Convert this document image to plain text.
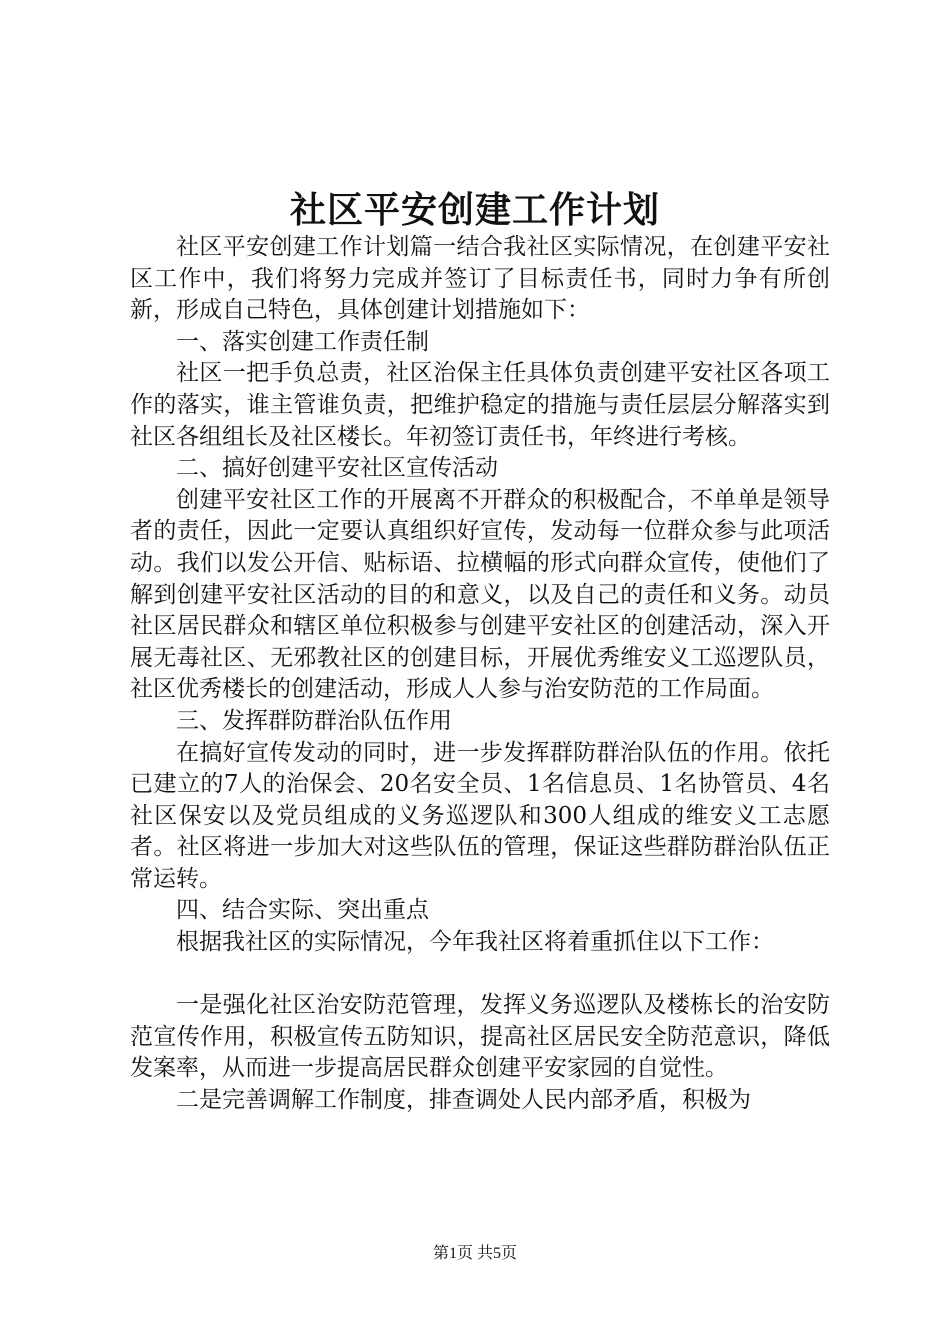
社区平安创建工作计划

社区平安创建工作计划篇一结合我社区实际情况，在创建平安社区工作中，我们将努力完成并签订了目标责任书，同时力争有所创新，形成自己特色，具体创建计划措施如下：

一、落实创建工作责任制

社区一把手负总责，社区治保主任具体负责创建平安社区各项工作的落实，谁主管谁负责，把维护稳定的措施与责任层层分解落实到社区各组组长及社区楼长。年初签订责任书，年终进行考核。

二、搞好创建平安社区宣传活动

创建平安社区工作的开展离不开群众的积极配合，不单单是领导者的责任，因此一定要认真组织好宣传，发动每一位群众参与此项活动。我们以发公开信、贴标语、拉横幅的形式向群众宣传，使他们了解到创建平安社区活动的目的和意义，以及自己的责任和义务。动员社区居民群众和辖区单位积极参与创建平安社区的创建活动，深入开展无毒社区、无邪教社区的创建目标，开展优秀维安义工巡逻队员，社区优秀楼长的创建活动，形成人人参与治安防范的工作局面。

三、发挥群防群治队伍作用

在搞好宣传发动的同时，进一步发挥群防群治队伍的作用。依托已建立的7人的治保会、20名安全员、1名信息员、1名协管员、4名社区保安以及党员组成的义务巡逻队和300人组成的维安义工志愿者。社区将进一步加大对这些队伍的管理，保证这些群防群治队伍正常运转。

四、结合实际、突出重点

根据我社区的实际情况，今年我社区将着重抓住以下工作：

一是强化社区治安防范管理，发挥义务巡逻队及楼栋长的治安防范宣传作用，积极宣传五防知识，提高社区居民安全防范意识，降低发案率，从而进一步提高居民群众创建平安家园的自觉性。

二是完善调解工作制度，排查调处人民内部矛盾，积极为

第1页 共5页
